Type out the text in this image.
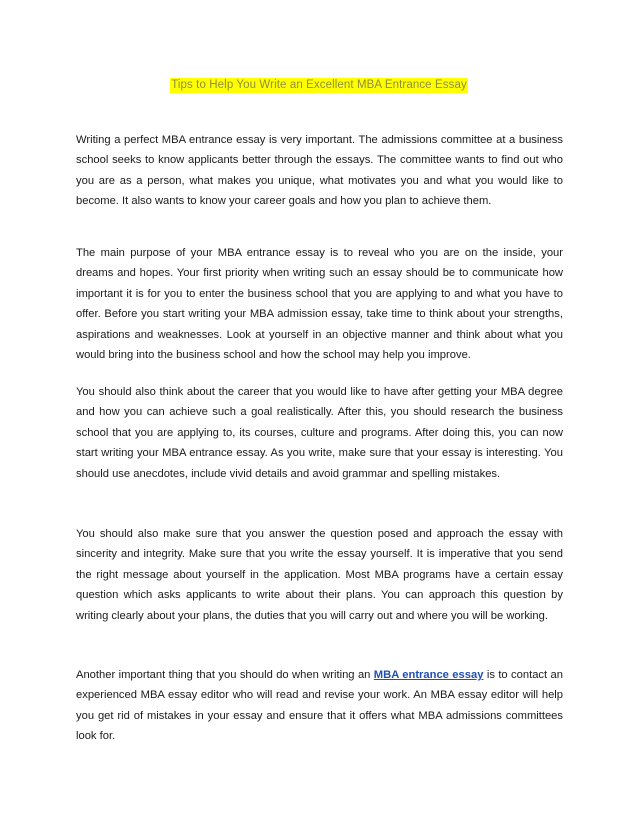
Tips to Help You Write an Excellent MBA Entrance Essay

Writing a perfect MBA entrance essay is very important. The admissions committee at a business school seeks to know applicants better through the essays. The committee wants to find out who you are as a person, what makes you unique, what motivates you and what you would like to become. It also wants to know your career goals and how you plan to achieve them.

The main purpose of your MBA entrance essay is to reveal who you are on the inside, your dreams and hopes. Your first priority when writing such an essay should be to communicate how important it is for you to enter the business school that you are applying to and what you have to offer. Before you start writing your MBA admission essay, take time to think about your strengths, aspirations and weaknesses. Look at yourself in an objective manner and think about what you would bring into the business school and how the school may help you improve.

You should also think about the career that you would like to have after getting your MBA degree and how you can achieve such a goal realistically. After this, you should research the business school that you are applying to, its courses, culture and programs. After doing this, you can now start writing your MBA entrance essay. As you write, make sure that your essay is interesting. You should use anecdotes, include vivid details and avoid grammar and spelling mistakes.

You should also make sure that you answer the question posed and approach the essay with sincerity and integrity. Make sure that you write the essay yourself. It is imperative that you send the right message about yourself in the application. Most MBA programs have a certain essay question which asks applicants to write about their plans. You can approach this question by writing clearly about your plans, the duties that you will carry out and where you will be working.

Another important thing that you should do when writing an MBA entrance essay is to contact an experienced MBA essay editor who will read and revise your work. An MBA essay editor will help you get rid of mistakes in your essay and ensure that it offers what MBA admissions committees look for.
